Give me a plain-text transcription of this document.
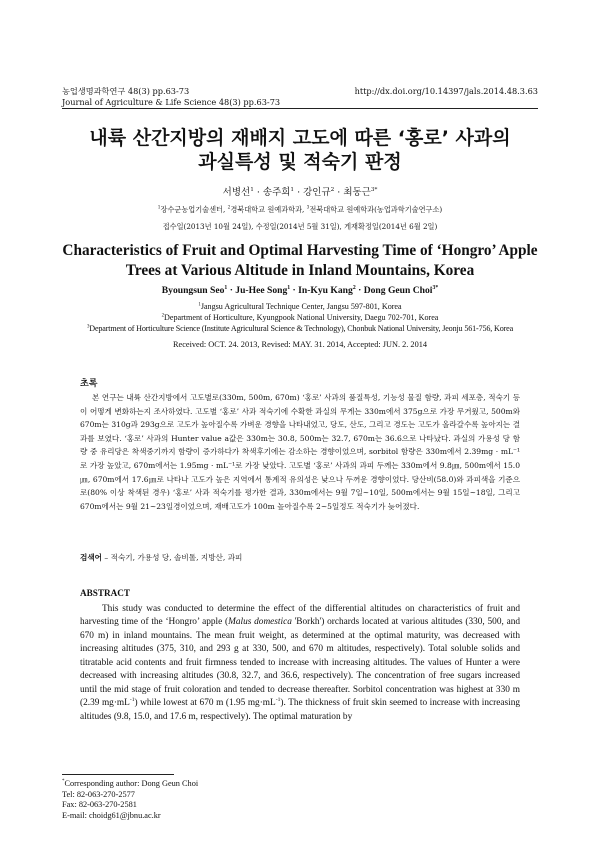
농업생명과학연구 48(3) pp.63-73
Journal of Agriculture & Life Science 48(3) pp.63-73
http://dx.doi.org/10.14397/jals.2014.48.3.63
내륙 산간지방의 재배지 고도에 따른 ‘홍로’ 사과의
과실특성 및 적숙기 판정
서병선$^1$ · 송주희$^1$ · 강인규$^2$ · 최동근$^{3*}$
$^1$장수군농업기술센터, $^2$경북대학교 원예과학과, $^3$전북대학교 원예학과(농업과학기술연구소)
접수일(2013년 10월 24일), 수정일(2014년 5월 31일), 게재확정일(2014년 6월 2일)
Characteristics of Fruit and Optimal Harvesting Time of ‘Hongro’ Apple
Trees at Various Altitude in Inland Mountains, Korea
Byoungsun Seo$^1$ · Ju-Hee Song$^1$ · In-Kyu Kang$^2$ · Dong Geun Choi$^{3*}$
$^1$Jangsu Agricultural Technique Center, Jangsu 597-801, Korea
$^2$Department of Horticulture, Kyungpook National University, Daegu 702-701, Korea
$^3$Department of Horticulture Science (Institute Agricultural Science & Technology), Chonbuk National University, Jeonju 561-756, Korea
Received: OCT. 24. 2013, Revised: MAY. 31. 2014, Accepted: JUN. 2. 2014
초록

본 연구는 내륙 산간지방에서 고도별로(330m, 500m, 670m) ‘홍로’ 사과의 품질특성, 기능성 물질 함량, 과피 세포층, 적숙기 등이 어떻게 변화하는지 조사하였다. 고도별 ‘홍로’ 사과 적숙기에 수확한 과실의 무게는 330m에서 375g으로 가장 무거웠고, 500m와 670m는 310g과 293g으로 고도가 높아질수록 가벼운 경향을 나타내었고, 당도, 산도, 그리고 경도는 고도가 올라갈수록 높아지는 결과를 보였다. ‘홍로’ 사과의 Hunter value a값은 330m는 30.8, 500m는 32.7, 670m는 36.6으로 나타났다. 과실의 가용성 당 함량 중 유리당은 착색중기까지 함량이 증가하다가 착색후기에는 감소하는 경향이었으며, sorbitol 함량은 330m에서 2.39mg · mL⁻¹로 가장 높았고, 670m에서는 1.95mg · mL⁻¹로 가장 낮았다. 고도별 ‘홍로’ 사과의 과피 두께는 330m에서 9.8㎛, 500m에서 15.0㎛, 670m에서 17.6㎛로 나타나 고도가 높은 지역에서 통계적 유의성은 낮으나 두꺼운 경향이었다. 당산비(58.0)와 과피색을 기준으로(80% 이상 착색된 경우) ‘홍로’ 사과 적숙기를 평가한 결과, 330m에서는 9월 7일~10일, 500m에서는 9월 15일~18일, 그리고 670m에서는 9월 21~23일경이었으며, 재배고도가 100m 높아질수록 2~5일정도 적숙기가 늦어졌다.

검색어 – 적숙기, 가용성 당, 솔비톨, 지방산, 과피
ABSTRACT

This study was conducted to determine the effect of the differential altitudes on characteristics of fruit and harvesting time of the ‘Hongro’ apple (Malus domestica 'Borkh') orchards located at various altitudes (330, 500, and 670 m) in inland mountains. The mean fruit weight, as determined at the optimal maturity, was decreased with increasing altitudes (375, 310, and 293 g at 330, 500, and 670 m altitudes, respectively). Total soluble solids and titratable acid contents and fruit firmness tended to increase with increasing altitudes. The values of Hunter a were decreased with increasing altitudes (30.8, 32.7, and 36.6, respectively). The concentration of free sugars increased until the mid stage of fruit coloration and tended to decrease thereafter. Sorbitol concentration was highest at 330 m (2.39 $mg\cdot mL^{-1}$) while lowest at 670 m (1.95 $mg\cdot mL^{-1}$). The thickness of fruit skin seemed to increase with increasing altitudes (9.8, 15.0, and 17.6 m, respectively). The optimal maturation by

*Corresponding author: Dong Geun Choi
Tel: 82-063-270-2577
Fax: 82-063-270-2581
E-mail: choidg61@jbnu.ac.kr
